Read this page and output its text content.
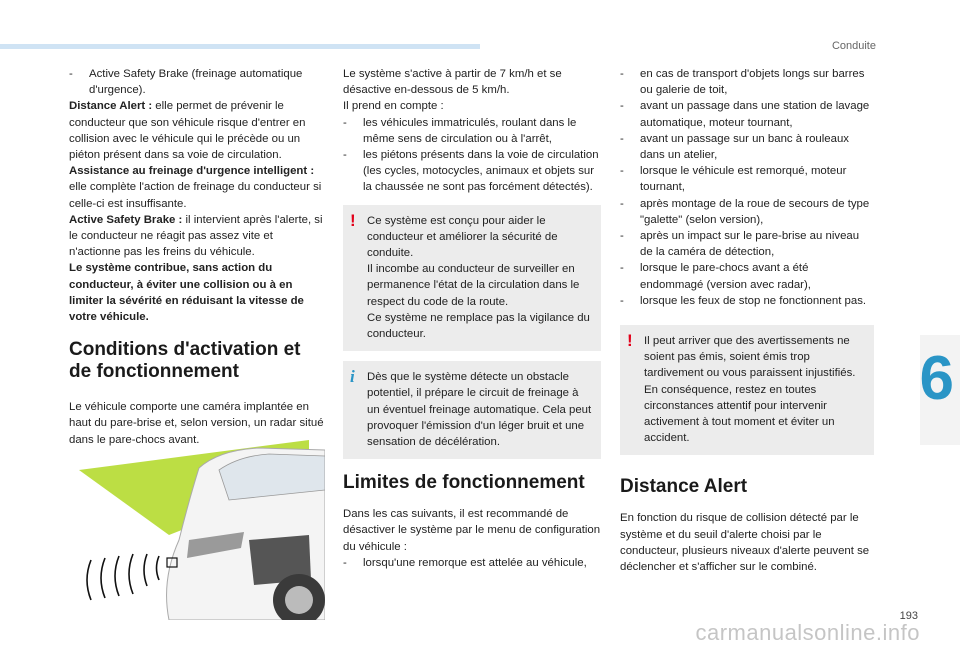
Conduite
6
-	Active Safety Brake (freinage automatique d'urgence).

Distance Alert : elle permet de prévenir le conducteur que son véhicule risque d'entrer en collision avec le véhicule qui le précède ou un piéton présent dans sa voie de circulation.

Assistance au freinage d'urgence intelligent : elle complète l'action de freinage du conducteur si celle-ci est insuffisante.

Active Safety Brake : il intervient après l'alerte, si le conducteur ne réagit pas assez vite et n'actionne pas les freins du véhicule.

Le système contribue, sans action du conducteur, à éviter une collision ou à en limiter la sévérité en réduisant la vitesse de votre véhicule.

Conditions d'activation et de fonctionnement

Le véhicule comporte une caméra implantée en haut du pare-brise et, selon version, un radar situé dans le pare-chocs avant.

Le système s'active à partir de 7 km/h et se désactive en-dessous de 5 km/h.

Il prend en compte :

-	les véhicules immatriculés, roulant dans le même sens de circulation ou à l'arrêt,
-	les piétons présents dans la voie de circulation (les cycles, motocycles, animaux et objets sur la chaussée ne sont pas forcément détectés).
! Ce système est conçu pour aider le conducteur et améliorer la sécurité de conduite.

Il incombe au conducteur de surveiller en permanence l'état de la circulation dans le respect du code de la route.

Ce système ne remplace pas la vigilance du conducteur.

i Dès que le système détecte un obstacle potentiel, il prépare le circuit de freinage à un éventuel freinage automatique. Cela peut provoquer l'émission d'un léger bruit et une sensation de décélération.

Limites de fonctionnement

Dans les cas suivants, il est recommandé de désactiver le système par le menu de configuration du véhicule :

-	lorsqu'une remorque est attelée au véhicule,
-	en cas de transport d'objets longs sur barres ou galerie de toit,
-	avant un passage dans une station de lavage automatique, moteur tournant,
-	avant un passage sur un banc à rouleaux dans un atelier,
-	lorsque le véhicule est remorqué, moteur tournant,
-	après montage de la roue de secours de type "galette" (selon version),
-	après un impact sur le pare-brise au niveau de la caméra de détection,
-	lorsque le pare-chocs avant a été endommagé (version avec radar),
-	lorsque les feux de stop ne fonctionnent pas.
! Il peut arriver que des avertissements ne soient pas émis, soient émis trop tardivement ou vous paraissent injustifiés. En conséquence, restez en toutes circonstances attentif pour intervenir activement à tout moment et éviter un accident.

Distance Alert

En fonction du risque de collision détecté par le système et du seuil d'alerte choisi par le conducteur, plusieurs niveaux d'alerte peuvent se déclencher et s'afficher sur le combiné.

193
carmanualsonline.info
